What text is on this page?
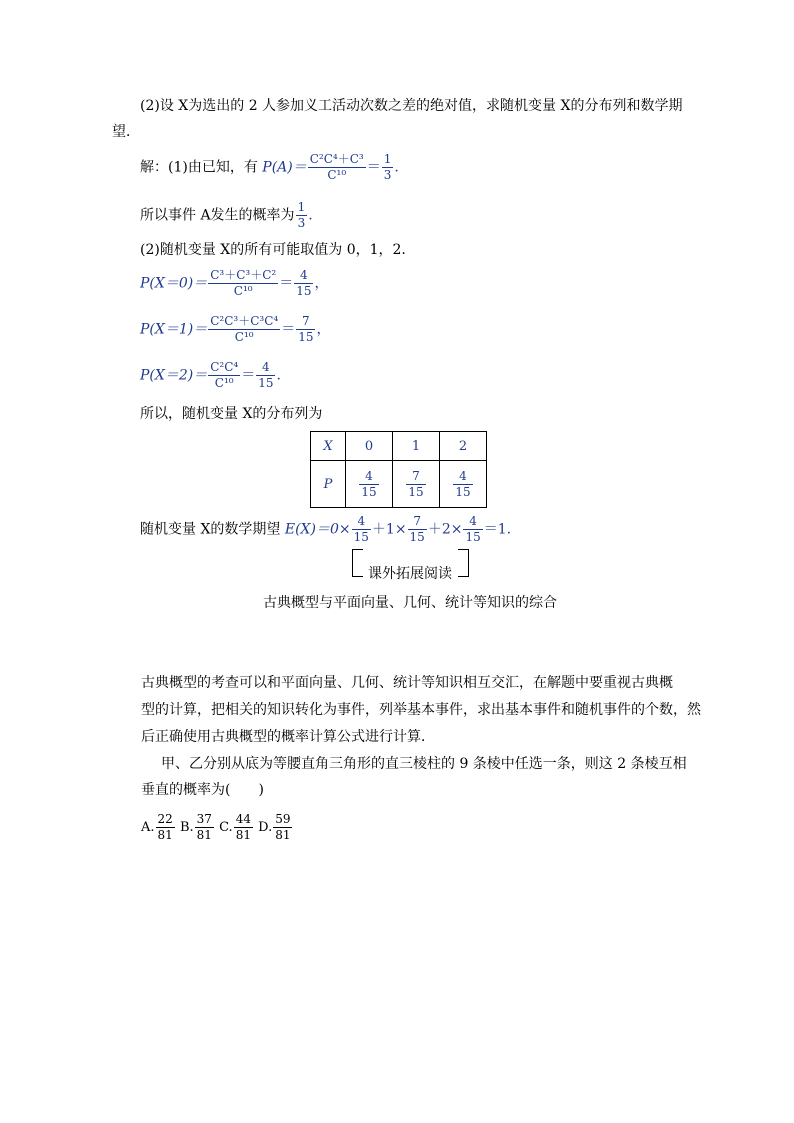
(2)设 X为选出的 2 人参加义工活动次数之差的绝对值，求随机变量 X的分布列和数学期
望．
解：(1)由已知，有 $P(A)= \frac{\text{C²C⁴＋C³}}{\text{C¹⁰}} = \frac{1}{3}$ .
所以事件 A发生的概率为 $\frac{1}{3}$ .
(2)随机变量 X的所有可能取值为 0，1，2.
$P(X=0)= \frac{\text{C³＋C³＋C²}}{\text{C¹⁰}} = \frac{4}{15}$ ，
$P(X=1)= \frac{\text{C²C³＋C³C⁴}}{\text{C¹⁰}} = \frac{7}{15}$ ，
$P(X=2)= \frac{\text{C²C⁴}}{\text{C¹⁰}} = \frac{4}{15}$ .
所以，随机变量 X的分布列为
X	0	1	2
P	$\frac{4}{15}$	$\frac{7}{15}$	$\frac{4}{15}$
随机变量 X的数学期望 $E(X)=0\times \frac{4}{15} +1\times \frac{7}{15} +2\times \frac{4}{15} =1$.
课外拓展阅读
古典概型与平面向量、几何、统计等知识的综合
古典概型的考查可以和平面向量、几何、统计等知识相互交汇，在解题中要重视古典概
型的计算，把相关的知识转化为事件，列举基本事件，求出基本事件和随机事件的个数，然
后正确使用古典概型的概率计算公式进行计算．
甲、乙分别从底为等腰直角三角形的直三棱柱的 9 条棱中任选一条，则这 2 条棱互相
垂直的概率为(　　)
A. $\frac{22}{81} B$. $\frac{37}{81} C$. $\frac{44}{81} D$. $\frac{59}{81}$
